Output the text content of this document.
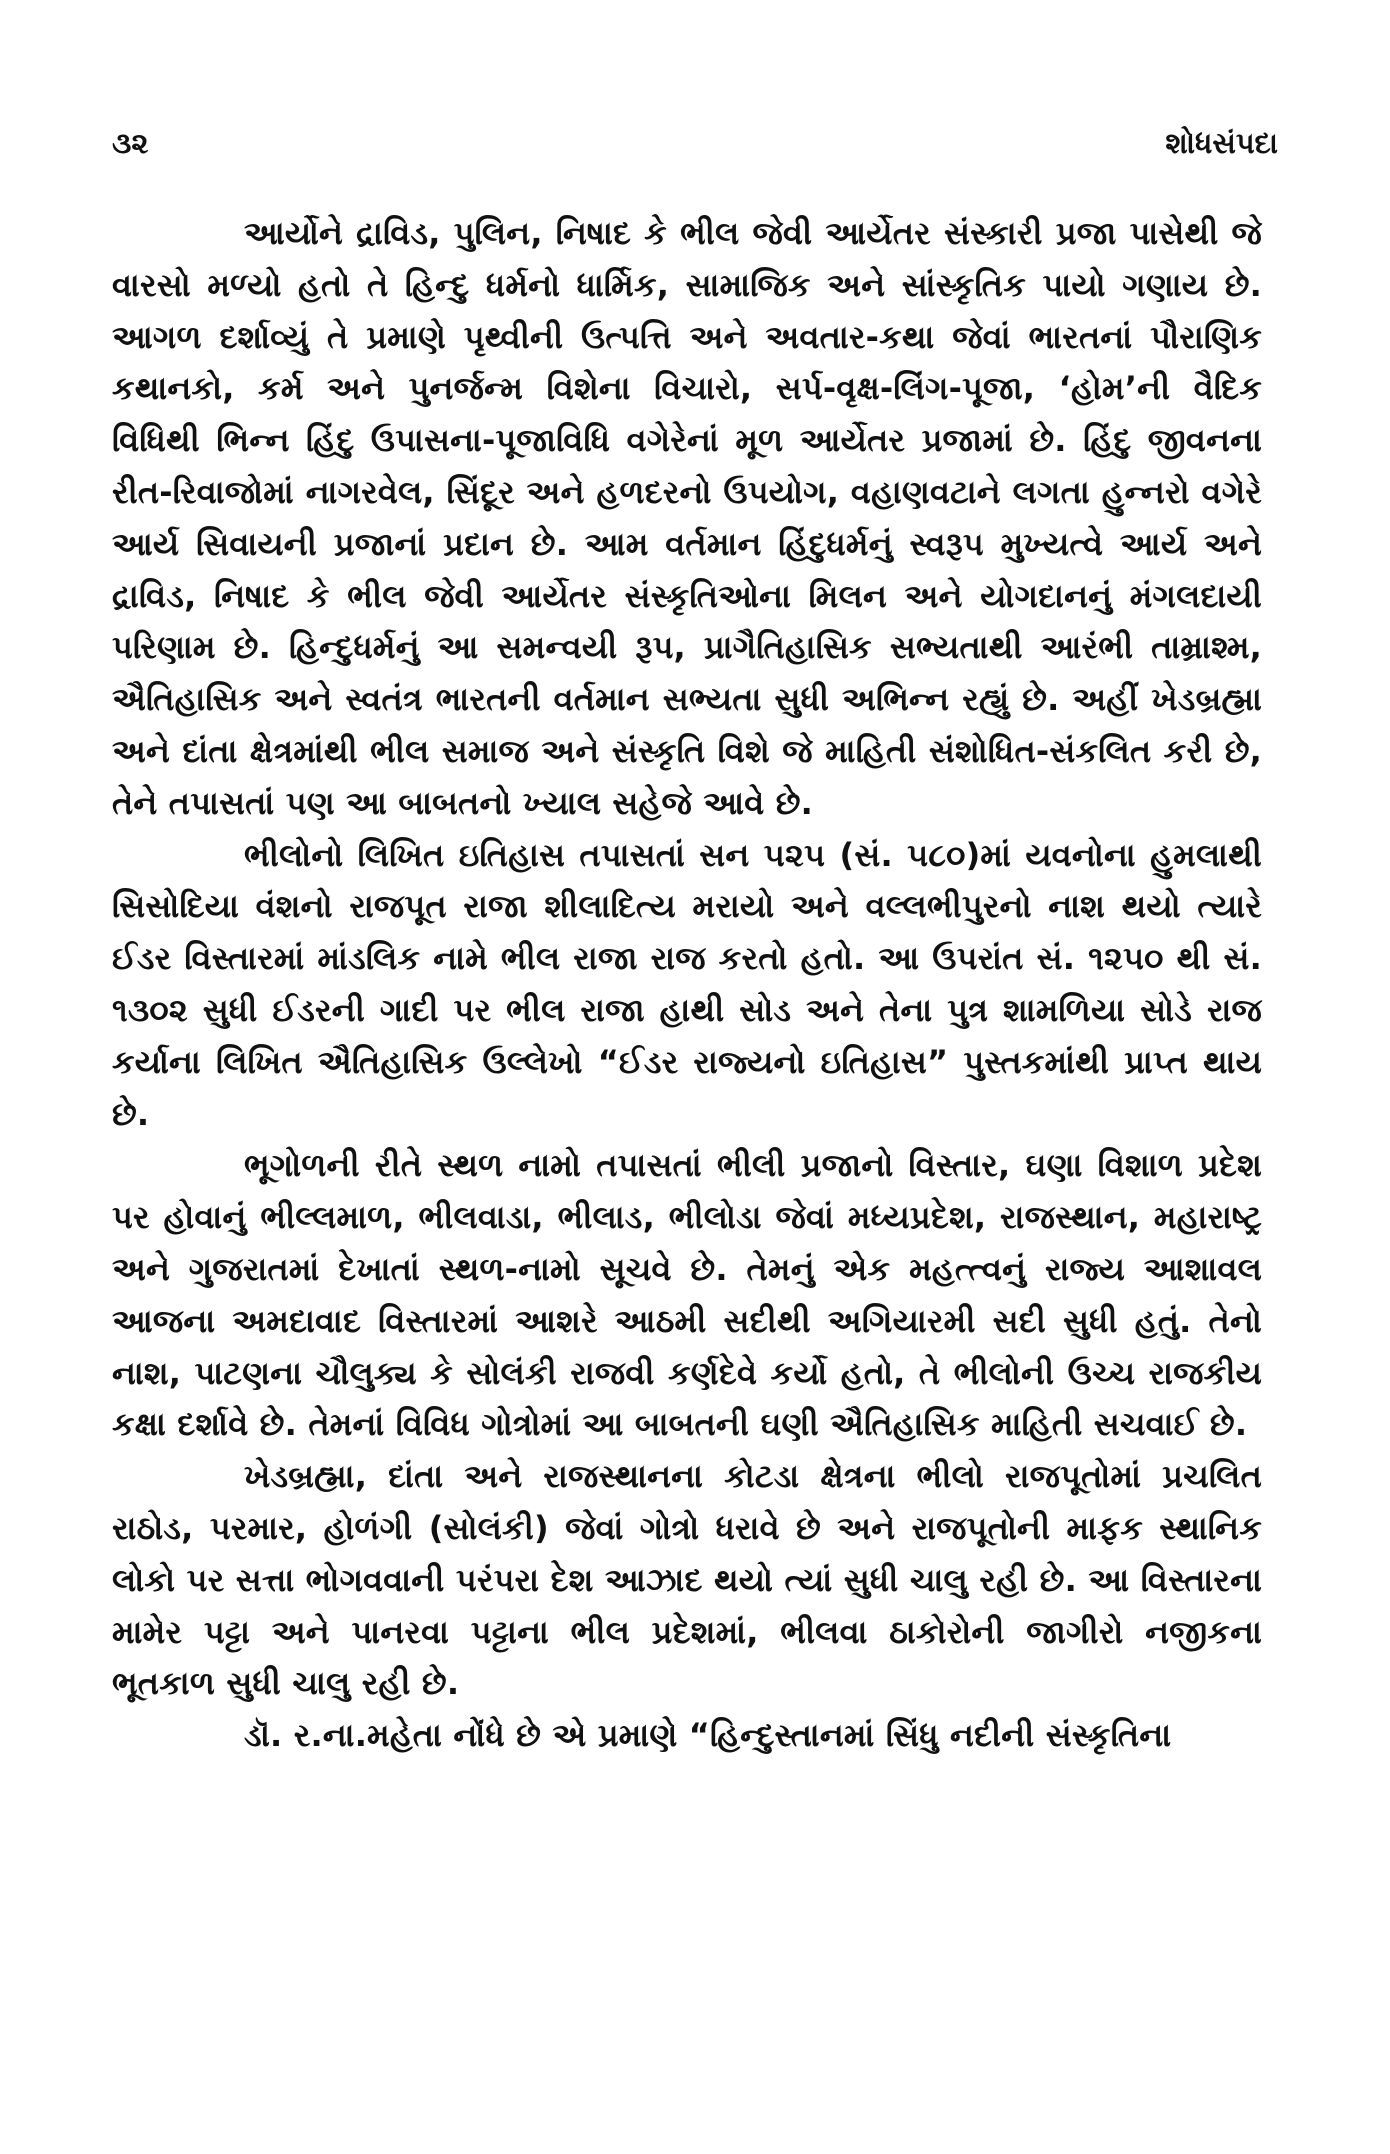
૩૨	શોધસંપદા

આર્યોને દ્રાવિડ, પુલિન, નિષાદ કે ભીલ જેવી આર્યેતર સંસ્કારી પ્રજા પાસેથી જે વારસો મળ્યો હતો તે હિન્દુ ધર્મનો ધાર્મિક, સામાજિક અને સાંસ્કૃતિક પાયો ગણાય છે. આગળ દર્શાવ્યું તે પ્રમાણે પૃથ્વીની ઉત્પત્તિ અને અવતાર-કથા જેવાં ભારતનાં પૌરાણિક કથાનકો, કર્મ અને પુનર્જન્મ વિશેના વિચારો, સર્પ-વૃક્ષ-લિંગ-પૂજા, ‘હોમ’ની વૈદિક વિધિથી ભિન્ન હિંદુ ઉપાસના-પૂજાવિધિ વગેરેનાં મૂળ આર્યેતર પ્રજામાં છે. હિંદુ જીવનના રીત-રિવાજોમાં નાગરવેલ, સિંદૂર અને હળદરનો ઉપયોગ, વહાણવટાને લગતા હુન્નરો વગેરે આર્ય સિવાયની પ્રજાનાં પ્રદાન છે. આમ વર્તમાન હિંદુધર્મનું સ્વરૂપ મુખ્યત્વે આર્ય અને દ્રાવિડ, નિષાદ કે ભીલ જેવી આર્યેતર સંસ્કૃતિઓના મિલન અને યોગદાનનું મંગલદાયી પરિણામ છે. હિન્દુધર્મનું આ સમન્વયી રૂપ, પ્રાગૈતિહાસિક સભ્યતાથી આરંભી તામ્રાશ્મ, ઐતિહાસિક અને સ્વતંત્ર ભારતની વર્તમાન સભ્યતા સુધી અભિન્ન રહ્યું છે. અહીં ખેડબ્રહ્મા અને દાંતા ક્ષેત્રમાંથી ભીલ સમાજ અને સંસ્કૃતિ વિશે જે માહિતી સંશોધિત-સંકલિત કરી છે, તેને તપાસતાં પણ આ બાબતનો ખ્યાલ સહેજે આવે છે.

ભીલોનો લિખિત ઇતિહાસ તપાસતાં સન ૫૨૫ (સં. ૫૮૦)માં યવનોના હુમલાથી સિસોદિયા વંશનો રાજપૂત રાજા શીલાદિત્ય મરાયો અને વલ્લભીપુરનો નાશ થયો ત્યારે ઈડર વિસ્તારમાં માંડલિક નામે ભીલ રાજા રાજ કરતો હતો. આ ઉપરાંત સં. ૧૨૫૦ થી સં. ૧૩૦૨ સુધી ઈડરની ગાદી પર ભીલ રાજા હાથી સોડ અને તેના પુત્ર શામળિયા સોડે રાજ કર્યાના લિખિત ઐતિહાસિક ઉલ્લેખો “ઈડર રાજ્યનો ઇતિહાસ” પુસ્તકમાંથી પ્રાપ્ત થાય છે.

ભૂગોળની રીતે સ્થળ નામો તપાસતાં ભીલી પ્રજાનો વિસ્તાર, ઘણા વિશાળ પ્રદેશ પર હોવાનું ભીલ્લમાળ, ભીલવાડા, ભીલાડ, ભીલોડા જેવાં મધ્યપ્રદેશ, રાજસ્થાન, મહારાષ્ટ્ર અને ગુજરાતમાં દેખાતાં સ્થળ-નામો સૂચવે છે. તેમનું એક મહત્ત્વનું રાજ્ય આશાવલ આજના અમદાવાદ વિસ્તારમાં આશરે આઠમી સદીથી અગિયારમી સદી સુધી હતું. તેનો નાશ, પાટણના ચૌલુક્ય કે સોલંકી રાજવી કર્ણદેવે કર્યો હતો, તે ભીલોની ઉચ્ચ રાજકીય કક્ષા દર્શાવે છે. તેમનાં વિવિધ ગોત્રોમાં આ બાબતની ઘણી ઐતિહાસિક માહિતી સચવાઈ છે.

ખેડબ્રહ્મા, દાંતા અને રાજસ્થાનના કોટડા ક્ષેત્રના ભીલો રાજપૂતોમાં પ્રચલિત રાઠોડ, પરમાર, હોળંગી (સોલંકી) જેવાં ગોત્રો ધરાવે છે અને રાજપૂતોની માફક સ્થાનિક લોકો પર સત્તા ભોગવવાની પરંપરા દેશ આઝાદ થયો ત્યાં સુધી ચાલુ રહી છે. આ વિસ્તારના મામેર પટ્ટા અને પાનરવા પટ્ટાના ભીલ પ્રદેશમાં, ભીલવા ઠાકોરોની જાગીરો નજીકના ભૂતકાળ સુધી ચાલુ રહી છે.

ડૉ. ર.ના.મહેતા નોંધે છે એ પ્રમાણે “હિન્દુસ્તાનમાં સિંધુ નદીની સંસ્કૃતિના
